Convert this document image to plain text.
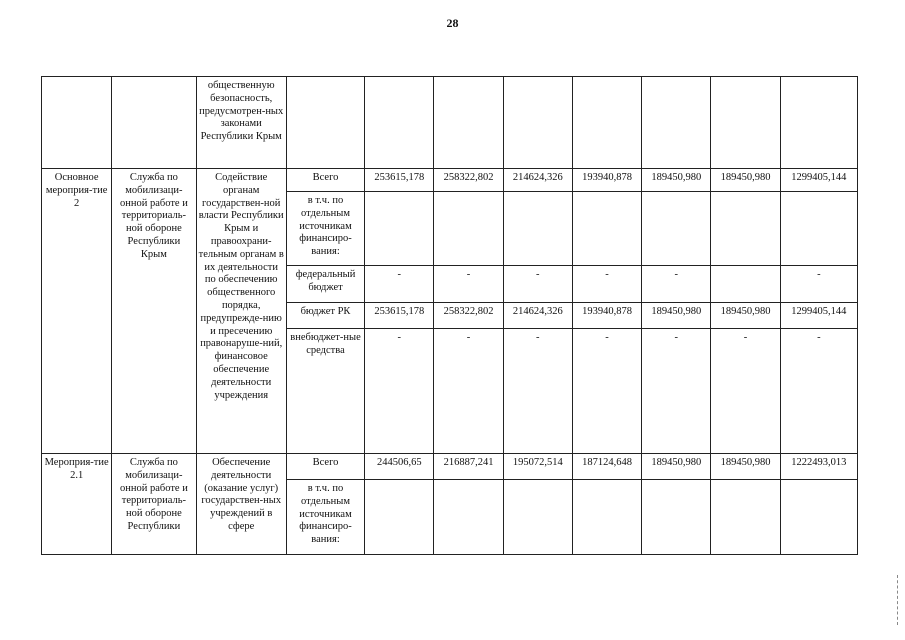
28
		общественную безопасность, предусмотрен-ных законами Республики Крым								
Основное мероприя-тие 2	Служба по мобилизаци-онной работе и территориаль-ной обороне Республики Крым	Содействие органам государствен-ной власти Республики Крым и правоохрани-тельным органам в их деятельности по обеспечению общественного порядка, предупрежде-нию и пресечению правонаруше-ний, финансовое обеспечение деятельности учреждения	Всего	253615,178	258322,802	214624,326	193940,878	189450,980	189450,980	1299405,144
			в т.ч. по отдельным источникам финансиро-вания:							
			федеральный бюджет	-	-	-	-	-		-
			бюджет РК	253615,178	258322,802	214624,326	193940,878	189450,980	189450,980	1299405,144
			внебюджет-ные средства	-	-	-	-	-	-	-
Мероприя-тие 2.1	Служба по мобилизаци-онной работе и территориаль-ной обороне Республики	Обеспечение деятельности (оказание услуг) государствен-ных учреждений в сфере	Всего	244506,65	216887,241	195072,514	187124,648	189450,980	189450,980	1222493,013
			в т.ч. по отдельным источникам финансиро-вания:							
